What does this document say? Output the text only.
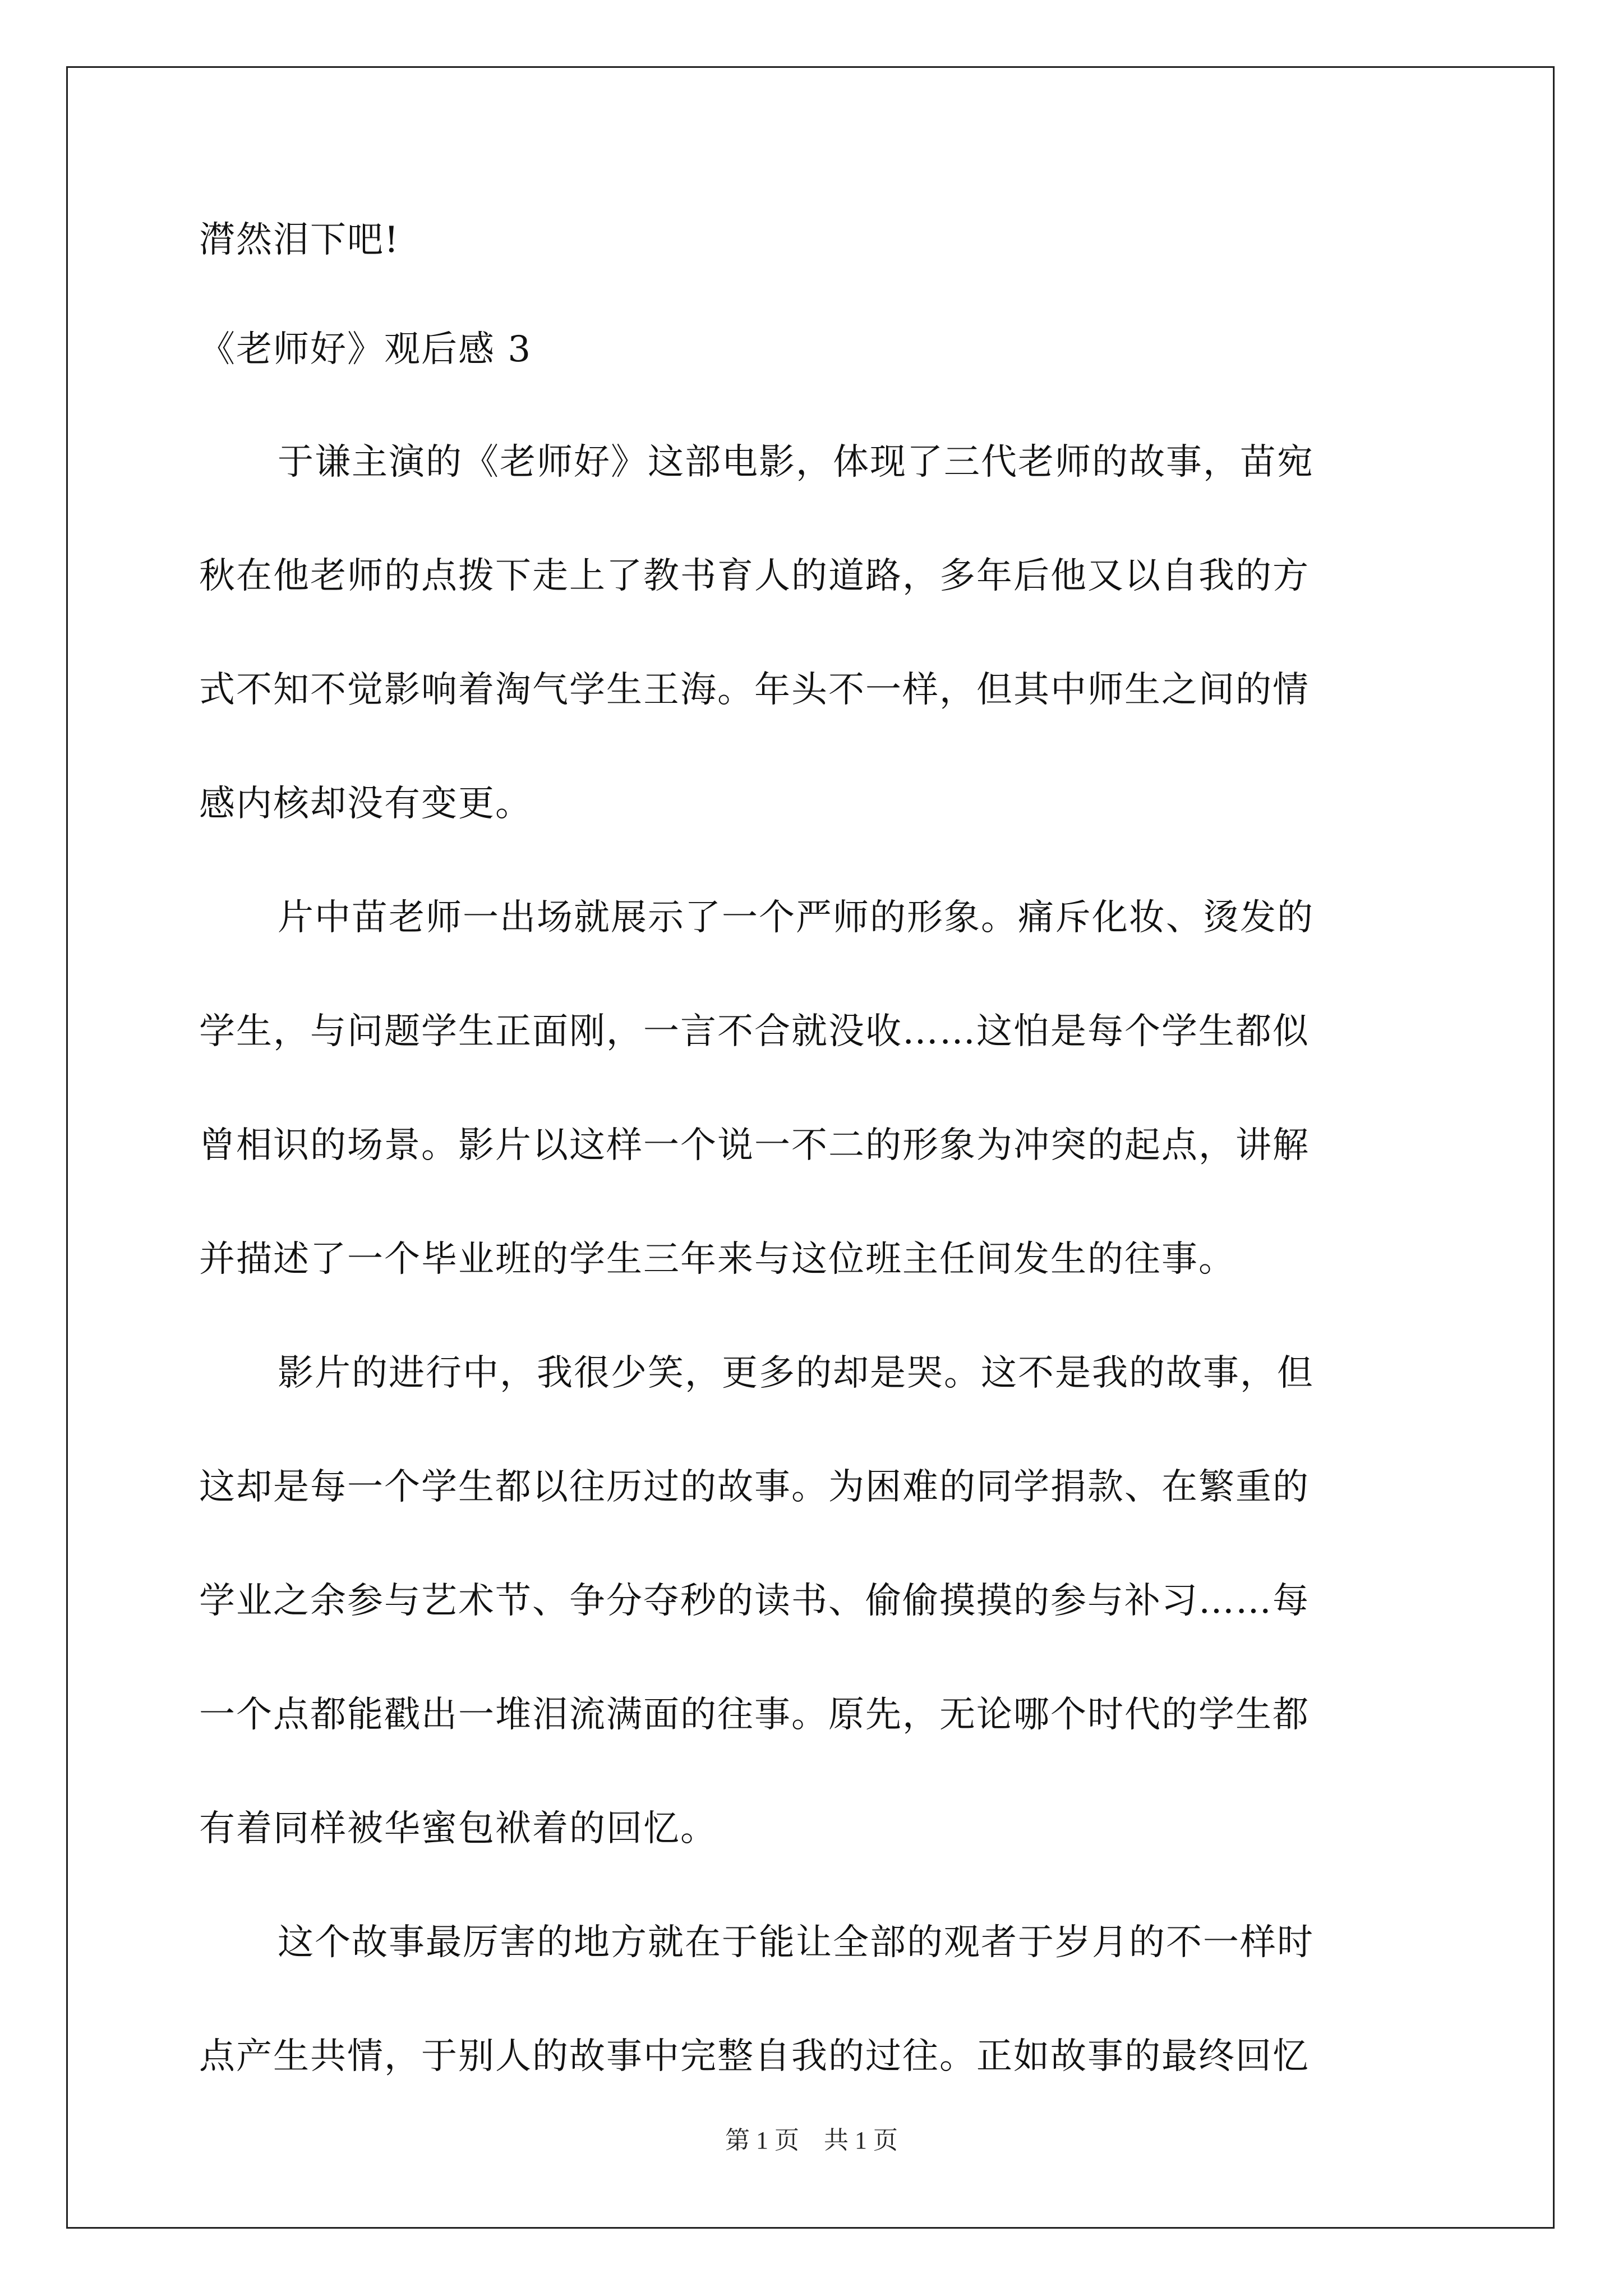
潸然泪下吧!
《老师好》观后感 3
于谦主演的《老师好》这部电影，体现了三代老师的故事，苗宛
秋在他老师的点拨下走上了教书育人的道路，多年后他又以自我的方
式不知不觉影响着淘气学生王海。年头不一样，但其中师生之间的情
感内核却没有变更。
片中苗老师一出场就展示了一个严师的形象。痛斥化妆、烫发的
学生，与问题学生正面刚，一言不合就没收……这怕是每个学生都似
曾相识的场景。影片以这样一个说一不二的形象为冲突的起点，讲解
并描述了一个毕业班的学生三年来与这位班主任间发生的往事。
影片的进行中，我很少笑，更多的却是哭。这不是我的故事，但
这却是每一个学生都以往历过的故事。为困难的同学捐款、在繁重的
学业之余参与艺术节、争分夺秒的读书、偷偷摸摸的参与补习……每
一个点都能戳出一堆泪流满面的往事。原先，无论哪个时代的学生都
有着同样被华蜜包袱着的回忆。
这个故事最厉害的地方就在于能让全部的观者于岁月的不一样时
点产生共情，于别人的故事中完整自我的过往。正如故事的最终回忆
第 1 页　共 1 页
